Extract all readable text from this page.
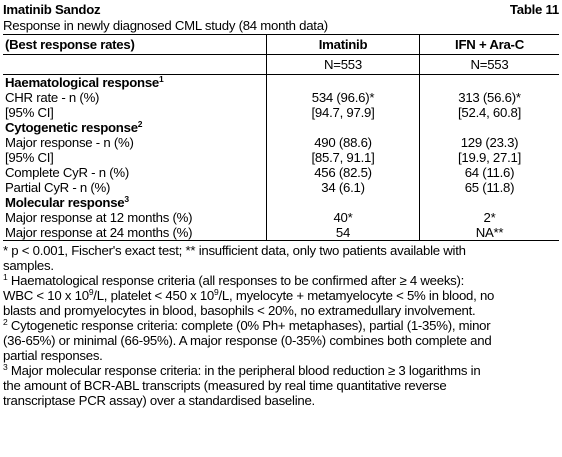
Imatinib Sandoz	Table 11
Response in newly diagnosed CML study (84 month data)
(Best response rates)	Imatinib	IFN + Ara-C
	N=553	N=553
Haematological response$^1$		
CHR rate - n (%)	534 (96.6)*	313 (56.6)*
[95% CI]	[94.7, 97.9]	[52.4, 60.8]
Cytogenetic response$^2$		
Major response - n (%)	490 (88.6)	129 (23.3)
[95% CI]	[85.7, 91.1]	[19.9, 27.1]
Complete CyR - n (%)	456 (82.5)	64 (11.6)
Partial CyR - n (%)	34 (6.1)	65 (11.8)
Molecular response$^3$		
Major response at 12 months (%)	40*	2*
Major response at 24 months (%)	54	NA**

* p < 0.001, Fischer's exact test; ** insufficient data, only two patients available with
samples.

$^1$ Haematological response criteria (all responses to be confirmed after ≥ 4 weeks):
WBC < 10 x $10^9/L$, platelet < 450 x $10^9/L$, myelocyte + metamyelocyte < 5% in blood, no
blasts and promyelocytes in blood, basophils < 20%, no extramedullary involvement.

$^2$ Cytogenetic response criteria: complete (0% Ph+ metaphases), partial (1-35%), minor
(36-65%) or minimal (66-95%). A major response (0-35%) combines both complete and
partial responses.

$^3$ Major molecular response criteria: in the peripheral blood reduction ≥ 3 logarithms in
the amount of BCR-ABL transcripts (measured by real time quantitative reverse
transcriptase PCR assay) over a standardised baseline.
